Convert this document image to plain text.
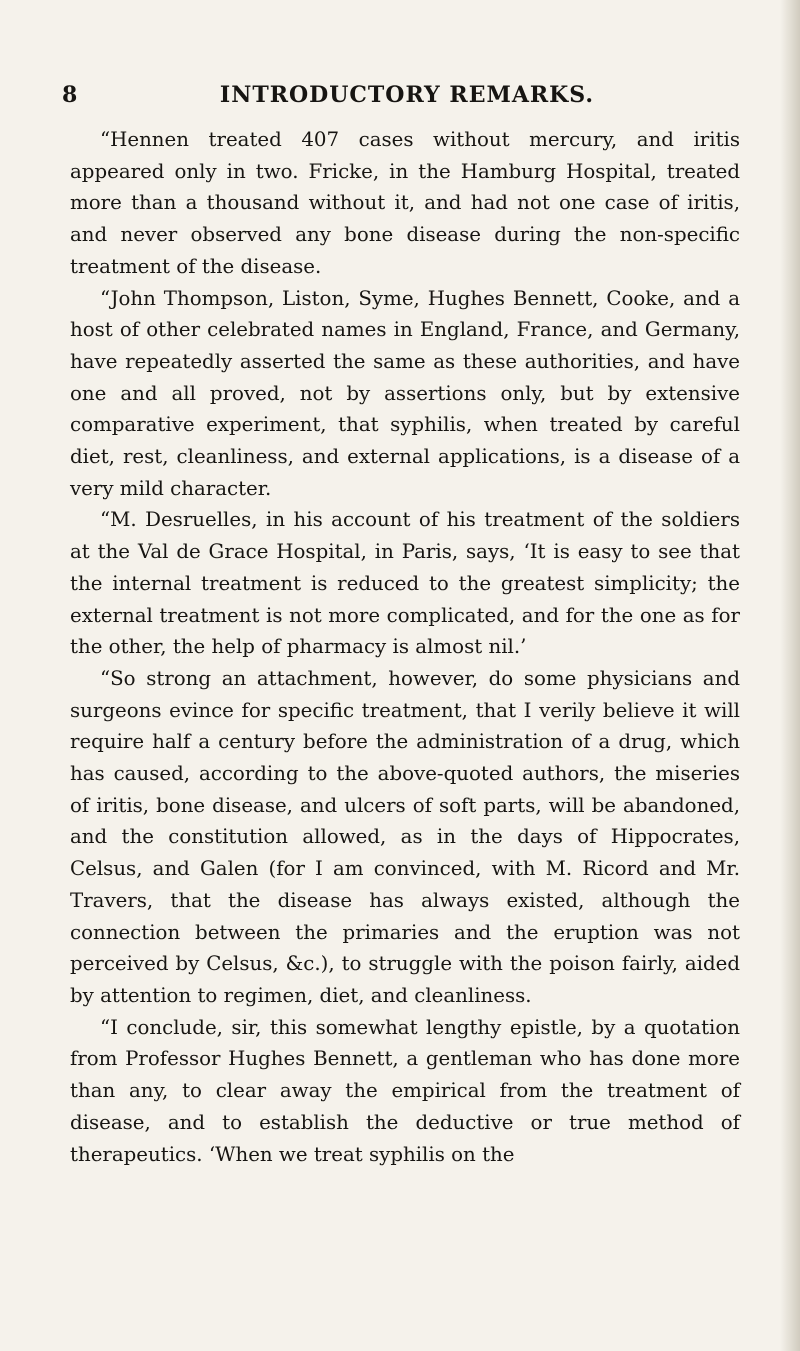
8	INTRODUCTORY REMARKS.

“Hennen treated 407 cases without mercury, and iritis appeared only in two. Fricke, in the Hamburg Hospital, treated more than a thousand without it, and had not one case of iritis, and never observed any bone disease during the non-specific treatment of the disease.

“John Thompson, Liston, Syme, Hughes Bennett, Cooke, and a host of other celebrated names in England, France, and Germany, have repeatedly asserted the same as these authorities, and have one and all proved, not by assertions only, but by extensive comparative experiment, that syphilis, when treated by careful diet, rest, cleanliness, and external applications, is a disease of a very mild character.

“M. Desruelles, in his account of his treatment of the soldiers at the Val de Grace Hospital, in Paris, says, ‘It is easy to see that the internal treatment is reduced to the greatest simplicity; the external treatment is not more complicated, and for the one as for the other, the help of pharmacy is almost nil.’

“So strong an attachment, however, do some physicians and surgeons evince for specific treatment, that I verily believe it will require half a century before the administration of a drug, which has caused, according to the above-quoted authors, the miseries of iritis, bone disease, and ulcers of soft parts, will be abandoned, and the constitution allowed, as in the days of Hippocrates, Celsus, and Galen (for I am convinced, with M. Ricord and Mr. Travers, that the disease has always existed, although the connection between the primaries and the eruption was not perceived by Celsus, &c.), to struggle with the poison fairly, aided by attention to regimen, diet, and cleanliness.

“I conclude, sir, this somewhat lengthy epistle, by a quotation from Professor Hughes Bennett, a gentleman who has done more than any, to clear away the empirical from the treatment of disease, and to establish the deductive or true method of therapeutics. ‘When we treat syphilis on the
